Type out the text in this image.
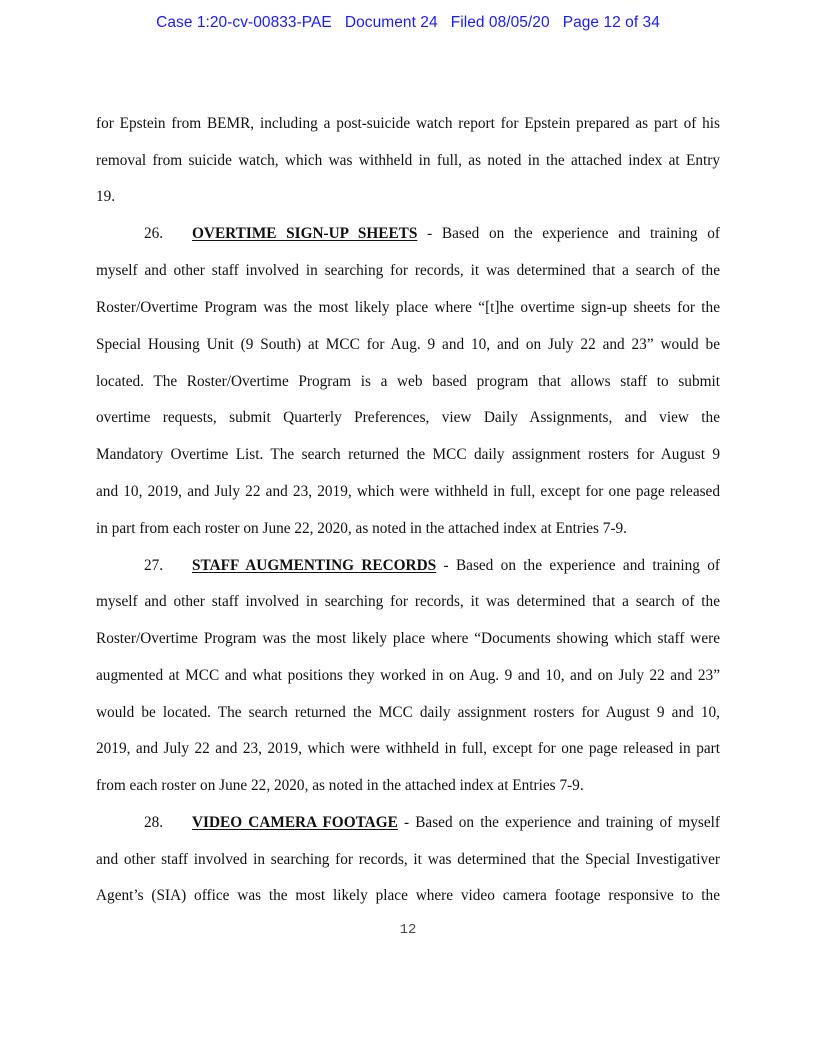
Case 1:20-cv-00833-PAE   Document 24   Filed 08/05/20   Page 12 of 34
for Epstein from BEMR, including a post-suicide watch report for Epstein prepared as part of his
removal from suicide watch, which was withheld in full, as noted in the attached index at Entry
19.
26. OVERTIME SIGN-UP SHEETS - Based on the experience and training of
myself and other staff involved in searching for records, it was determined that a search of the
Roster/Overtime Program was the most likely place where “[t]he overtime sign-up sheets for the
Special Housing Unit (9 South) at MCC for Aug. 9 and 10, and on July 22 and 23” would be
located. The Roster/Overtime Program is a web based program that allows staff to submit
overtime requests, submit Quarterly Preferences, view Daily Assignments, and view the
Mandatory Overtime List. The search returned the MCC daily assignment rosters for August 9
and 10, 2019, and July 22 and 23, 2019, which were withheld in full, except for one page released
in part from each roster on June 22, 2020, as noted in the attached index at Entries 7-9.
27. STAFF AUGMENTING RECORDS - Based on the experience and training of
myself and other staff involved in searching for records, it was determined that a search of the
Roster/Overtime Program was the most likely place where “Documents showing which staff were
augmented at MCC and what positions they worked in on Aug. 9 and 10, and on July 22 and 23”
would be located. The search returned the MCC daily assignment rosters for August 9 and 10,
2019, and July 22 and 23, 2019, which were withheld in full, except for one page released in part
from each roster on June 22, 2020, as noted in the attached index at Entries 7-9.
28. VIDEO CAMERA FOOTAGE - Based on the experience and training of myself
and other staff involved in searching for records, it was determined that the Special Investigativer
Agent’s (SIA) office was the most likely place where video camera footage responsive to the
12
